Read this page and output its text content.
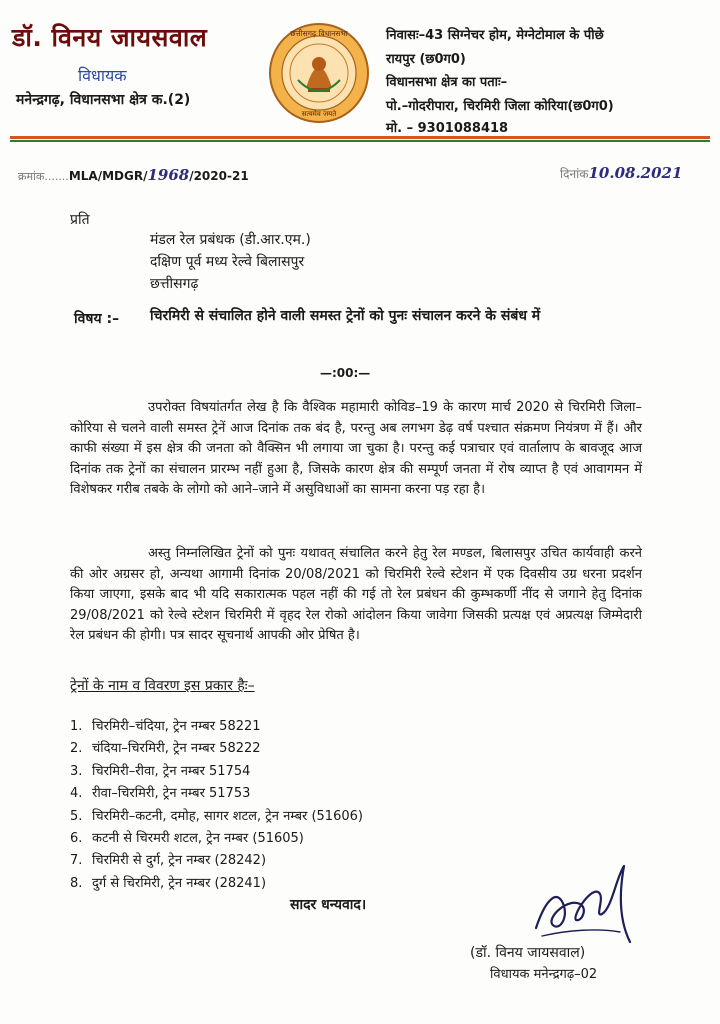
डॉ. विनय जायसवाल
विधायक
मनेन्द्रगढ़, विधानसभा क्षेत्र क.(2)
छत्तीसगढ़ विधानसभा
सत्यमेव जयते
निवासः–43 सिग्नेचर होम, मेग्नेटोमाल के पीछे
रायपुर (छ0ग0)
विधानसभा क्षेत्र का पताः–
पो.–गोदरीपारा, चिरमिरी जिला कोरिया(छ0ग0)
मो. – 9301088418
क्रमांक.......MLA/MDGR/1968/2020-21	दिनांक10.08.2021
प्रति
मंडल रेल प्रबंधक (डी.आर.एम.)
दक्षिण पूर्व मध्य रेल्वे बिलासपुर
छत्तीसगढ़
विषय :– चिरमिरी से संचालित होने वाली समस्त ट्रेनों को पुनः संचालन करने के संबंध में
—:00:—
उपरोक्त विषयांतर्गत लेख है कि वैश्विक महामारी कोविड–19 के कारण मार्च 2020 से चिरमिरी जिला–कोरिया से चलने वाली समस्त ट्रेनें आज दिनांक तक बंद है, परन्तु अब लगभग डेढ़ वर्ष पश्चात संक्रमण नियंत्रण में हैं। और काफी संख्या में इस क्षेत्र की जनता को वैक्सिन भी लगाया जा चुका है। परन्तु कई पत्राचार एवं वार्तालाप के बावजूद आज दिनांक तक ट्रेनों का संचालन प्रारम्भ नहीं हुआ है, जिसके कारण क्षेत्र की सम्पूर्ण जनता में रोष व्याप्त है एवं आवागमन में विशेषकर गरीब तबके के लोगो को आने–जाने में असुविधाओं का सामना करना पड़ रहा है।
अस्तु निम्नलिखित ट्रेनों को पुनः यथावत् संचालित करने हेतु रेल मण्डल, बिलासपुर उचित कार्यवाही करने की ओर अग्रसर हो, अन्यथा आगामी दिनांक 20/08/2021 को चिरमिरी रेल्वे स्टेशन में एक दिवसीय उग्र धरना प्रदर्शन किया जाएगा, इसके बाद भी यदि सकारात्मक पहल नहीं की गई तो रेल प्रबंधन की कुम्भकर्णी नींद से जगाने हेतु दिनांक 29/08/2021 को रेल्वे स्टेशन चिरमिरी में वृहद रेल रोको आंदोलन किया जावेगा जिसकी प्रत्यक्ष एवं अप्रत्यक्ष जिम्मेदारी रेल प्रबंधन की होगी। पत्र सादर सूचनार्थ आपकी ओर प्रेषित है।
ट्रेनों के नाम व विवरण इस प्रकार हैः–
1. चिरमिरी–चंदिया, ट्रेन नम्बर 58221
2. चंदिया–चिरमिरी, ट्रेन नम्बर 58222
3. चिरमिरी–रीवा, ट्रेन नम्बर 51754
4. रीवा–चिरमिरी, ट्रेन नम्बर 51753
5. चिरमिरी–कटनी, दमोह, सागर शटल, ट्रेन नम्बर (51606)
6. कटनी से चिरमरी शटल, ट्रेन नम्बर (51605)
7. चिरमिरी से दुर्ग, ट्रेन नम्बर (28242)
8. दुर्ग से चिरमिरी, ट्रेन नम्बर (28241)
सादर धन्यवाद।
(डॉ. विनय जायसवाल)
विधायक मनेन्द्रगढ़–02
